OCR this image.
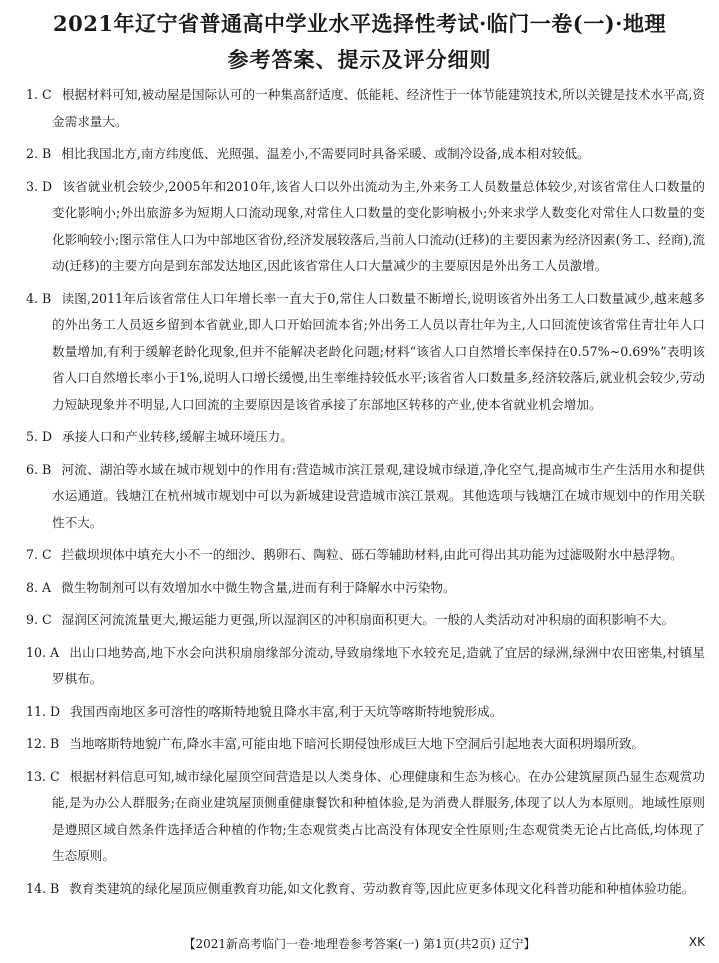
2021年辽宁省普通高中学业水平选择性考试·临门一卷(一)·地理
参考答案、提示及评分细则

1. C 根据材料可知,被动屋是国际认可的一种集高舒适度、低能耗、经济性于一体节能建筑技术,所以关键是技术水平高,资金需求量大。

2. B 相比我国北方,南方纬度低、光照强、温差小,不需要同时具备采暖、或制冷设备,成本相对较低。

3. D 该省就业机会较少,2005年和2010年,该省人口以外出流动为主,外来务工人员数量总体较少,对该省常住人口数量的变化影响小;外出旅游多为短期人口流动现象,对常住人口数量的变化影响极小;外来求学人数变化对常住人口数量的变化影响较小;图示常住人口为中部地区省份,经济发展较落后,当前人口流动(迁移)的主要因素为经济因素(务工、经商),流动(迁移)的主要方向是到东部发达地区,因此该省常住人口大量减少的主要原因是外出务工人员激增。

4. B 读图,2011年后该省常住人口年增长率一直大于0,常住人口数量不断增长,说明该省外出务工人口数量减少,越来越多的外出务工人员返乡留到本省就业,即人口开始回流本省;外出务工人员以青壮年为主,人口回流使该省常住青壮年人口数量增加,有利于缓解老龄化现象,但并不能解决老龄化问题;材料“该省人口自然增长率保持在0.57%~0.69%”表明该省人口自然增长率小于1%,说明人口增长缓慢,出生率维持较低水平;该省省人口数量多,经济较落后,就业机会较少,劳动力短缺现象并不明显,人口回流的主要原因是该省承接了东部地区转移的产业,使本省就业机会增加。

5. D 承接人口和产业转移,缓解主城环境压力。

6. B 河流、湖泊等水域在城市规划中的作用有:营造城市滨江景观,建设城市绿道,净化空气,提高城市生产生活用水和提供水运通道。钱塘江在杭州城市规划中可以为新城建设营造城市滨江景观。其他选项与钱塘江在城市规划中的作用关联性不大。

7. C 拦截坝坝体中填充大小不一的细沙、鹅卵石、陶粒、砾石等辅助材料,由此可得出其功能为过滤吸附水中悬浮物。

8. A 微生物制剂可以有效增加水中微生物含量,进而有利于降解水中污染物。

9. C 湿润区河流流量更大,搬运能力更强,所以湿润区的冲积扇面积更大。一般的人类活动对冲积扇的面积影响不大。

10. A 出山口地势高,地下水会向洪积扇扇缘部分流动,导致扇缘地下水较充足,造就了宜居的绿洲,绿洲中农田密集,村镇星罗棋布。

11. D 我国西南地区多可溶性的喀斯特地貌且降水丰富,利于天坑等喀斯特地貌形成。

12. B 当地喀斯特地貌广布,降水丰富,可能由地下暗河长期侵蚀形成巨大地下空洞后引起地表大面积坍塌所致。

13. C 根据材料信息可知,城市绿化屋顶空间营造是以人类身体、心理健康和生态为核心。在办公建筑屋顶凸显生态观赏功能,是为办公人群服务;在商业建筑屋顶侧重健康餐饮和种植体验,是为消费人群服务,体现了以人为本原则。地域性原则是遵照区域自然条件选择适合种植的作物;生态观赏类占比高没有体现安全性原则;生态观赏类无论占比高低,均体现了生态原则。

14. B 教育类建筑的绿化屋顶应侧重教育功能,如文化教育、劳动教育等,因此应更多体现文化科普功能和种植体验功能。

【2021新高考临门一卷·地理卷参考答案(一) 第1页(共2页) 辽宁】	XK
